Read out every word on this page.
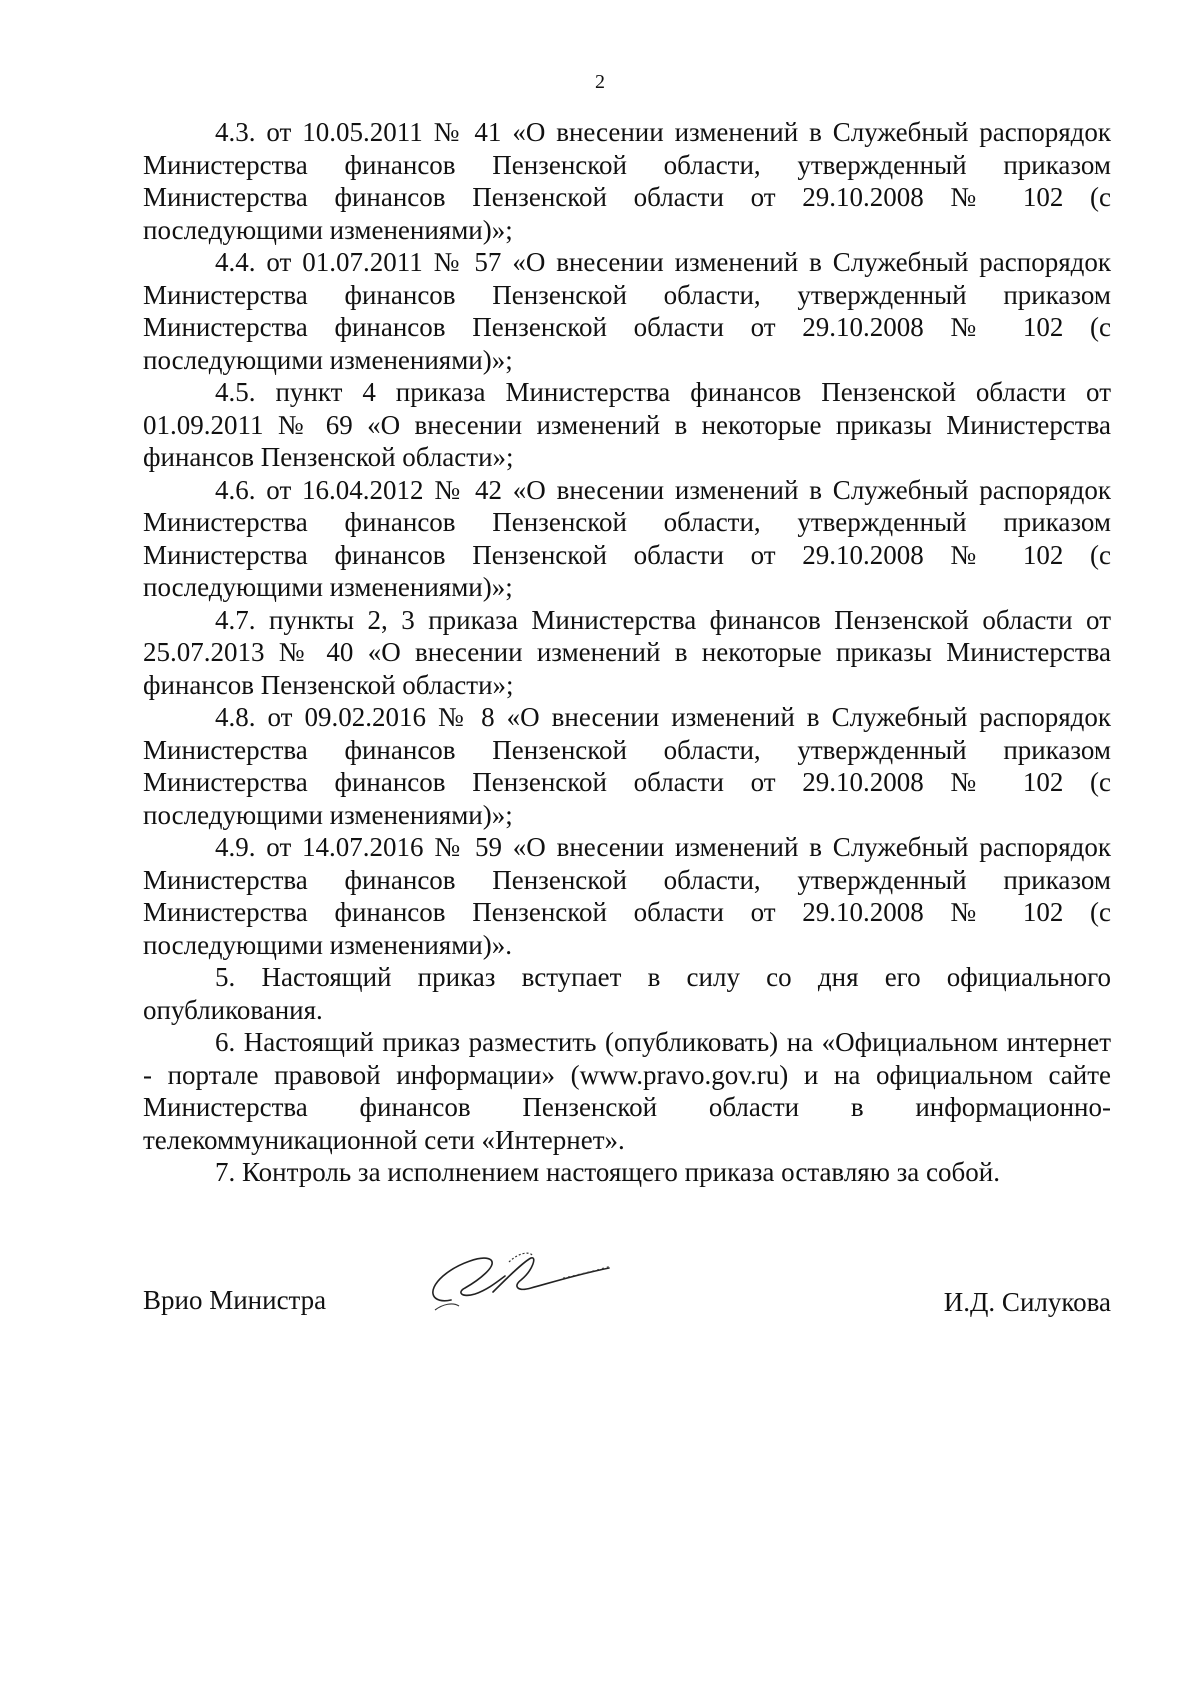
2

4.3. от 10.05.2011 № 41 «О внесении изменений в Служебный распорядок Министерства финансов Пензенской области, утвержденный приказом Министерства финансов Пензенской области от 29.10.2008 № 102 (с последующими изменениями)»;

4.4. от 01.07.2011 № 57 «О внесении изменений в Служебный распорядок Министерства финансов Пензенской области, утвержденный приказом Министерства финансов Пензенской области от 29.10.2008 № 102 (с последующими изменениями)»;

4.5. пункт 4 приказа Министерства финансов Пензенской области от 01.09.2011 № 69 «О внесении изменений в некоторые приказы Министерства финансов Пензенской области»;

4.6. от 16.04.2012 № 42 «О внесении изменений в Служебный распорядок Министерства финансов Пензенской области, утвержденный приказом Министерства финансов Пензенской области от 29.10.2008 № 102 (с последующими изменениями)»;

4.7. пункты 2, 3 приказа Министерства финансов Пензенской области от 25.07.2013 № 40 «О внесении изменений в некоторые приказы Министерства финансов Пензенской области»;

4.8. от 09.02.2016 № 8 «О внесении изменений в Служебный распорядок Министерства финансов Пензенской области, утвержденный приказом Министерства финансов Пензенской области от 29.10.2008 № 102 (с последующими изменениями)»;

4.9. от 14.07.2016 № 59 «О внесении изменений в Служебный распорядок Министерства финансов Пензенской области, утвержденный приказом Министерства финансов Пензенской области от 29.10.2008 № 102 (с последующими изменениями)».

5. Настоящий приказ вступает в силу со дня его официального опубликования.

6. Настоящий приказ разместить (опубликовать) на «Официальном интернет - портале правовой информации» (www.pravo.gov.ru) и на официальном сайте Министерства финансов Пензенской области в информационно-телекоммуникационной сети «Интернет».

7. Контроль за исполнением настоящего приказа оставляю за собой.

Врио Министра	И.Д. Силукова
